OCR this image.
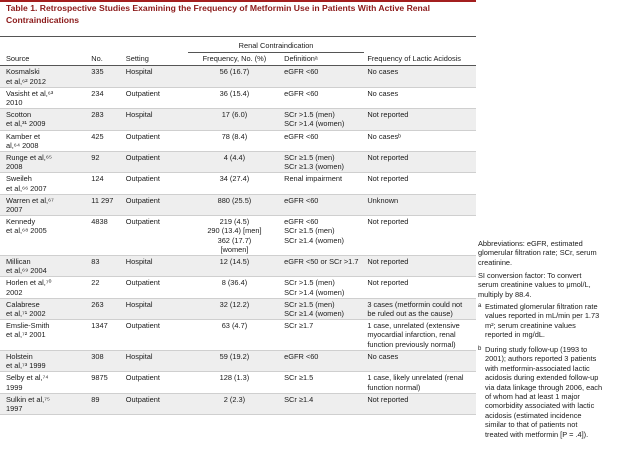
Table 1. Retrospective Studies Examining the Frequency of Metformin Use in Patients With Active Renal Contraindications
			Renal Contraindication		
Source	No.	Setting	Frequency, No. (%)	Definitionᵃ	Frequency of Lactic Acidosis

Kosmalski
et al,⁶² 2012	335	Hospital	56 (16.7)	eGFR <60	No cases

Vasisht et al,⁶³
2010	234	Outpatient	36 (15.4)	eGFR <60	No cases

Scotton
et al,³¹ 2009	283	Hospital	17 (6.0)	SCr >1.5 (men)
SCr >1.4 (women)	Not reported

Kamber et
al,⁶⁴ 2008	425	Outpatient	78 (8.4)	eGFR <60	No casesᵇ

Runge et al,⁶⁵
2008	92	Outpatient	4 (4.4)	SCr ≥1.5 (men)
SCr ≥1.3 (women)	Not reported

Sweileh
et al,⁶⁶ 2007	124	Outpatient	34 (27.4)	Renal impairment	Not reported

Warren et al,⁶⁷
2007	11 297	Outpatient	880 (25.5)	eGFR <60	Unknown

Kennedy
et al,⁶⁸ 2005	4838	Outpatient	219 (4.5)
290 (13.4) [men]
362 (17.7)
[women]	eGFR <60
SCr ≥1.5 (men)
SCr ≥1.4 (women)	Not reported

Millican
et al,⁶⁹ 2004	83	Hospital	12 (14.5)	eGFR <50 or SCr >1.7	Not reported

Horlen et al,⁷⁰
2002	22	Outpatient	8 (36.4)	SCr >1.5 (men)
SCr >1.4 (women)	Not reported

Calabrese
et al,⁷¹ 2002	263	Hospital	32 (12.2)	SCr ≥1.5 (men)
SCr ≥1.4 (women)	3 cases (metformin could not
be ruled out as the cause)

Emslie-Smith
et al,⁷² 2001	1347	Outpatient	63 (4.7)	SCr ≥1.7	1 case, unrelated (extensive
myocardial infarction, renal
function previously normal)

Holstein
et al,⁷³ 1999	308	Hospital	59 (19.2)	eGFR <60	No cases

Selby et al,⁷⁴
1999	9875	Outpatient	128 (1.3)	SCr ≥1.5	1 case, likely unrelated (renal
function normal)

Sulkin et al,⁷⁵
1997	89	Outpatient	2 (2.3)	SCr ≥1.4	Not reported

Abbreviations: eGFR, estimated
glomerular filtration rate; SCr, serum
creatinine.

SI conversion factor: To convert
serum creatinine values to μmol/L,
multiply by 88.4.

a Estimated glomerular filtration rate
values reported in mL/min per 1.73
m²; serum creatinine values
reported in mg/dL.

b During study follow-up (1993 to
2001); authors reported 3 patients
with metformin-associated lactic
acidosis during extended follow-up
via data linkage through 2006, each
of whom had at least 1 major
comorbidity associated with lactic
acidosis (estimated incidence
similar to that of patients not
treated with metformin [P = .4]).
